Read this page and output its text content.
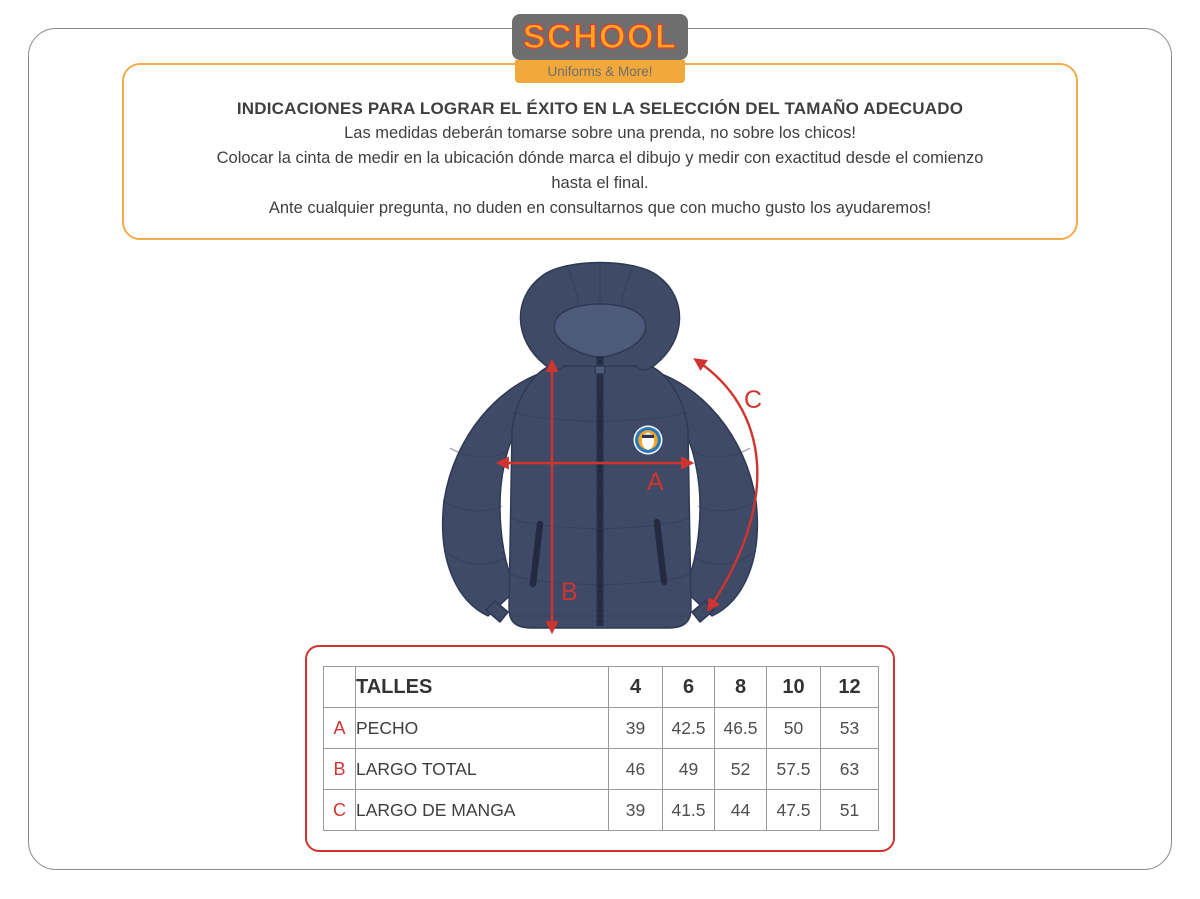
SCHOOL
Uniforms & More!

INDICACIONES PARA LOGRAR EL ÉXITO EN LA SELECCIÓN DEL TAMAÑO ADECUADO

Las medidas deberán tomarse sobre una prenda, no sobre los chicos!

Colocar la cinta de medir en la ubicación dónde marca el dibujo y medir con exactitud desde el comienzo

hasta el final.

Ante cualquier pregunta, no duden en consultarnos que con mucho gusto los ayudaremos!

A
B
C
	TALLES	4	6	8	10	12
A	PECHO	39	42.5	46.5	50	53
B	LARGO TOTAL	46	49	52	57.5	63
C	LARGO DE MANGA	39	41.5	44	47.5	51
